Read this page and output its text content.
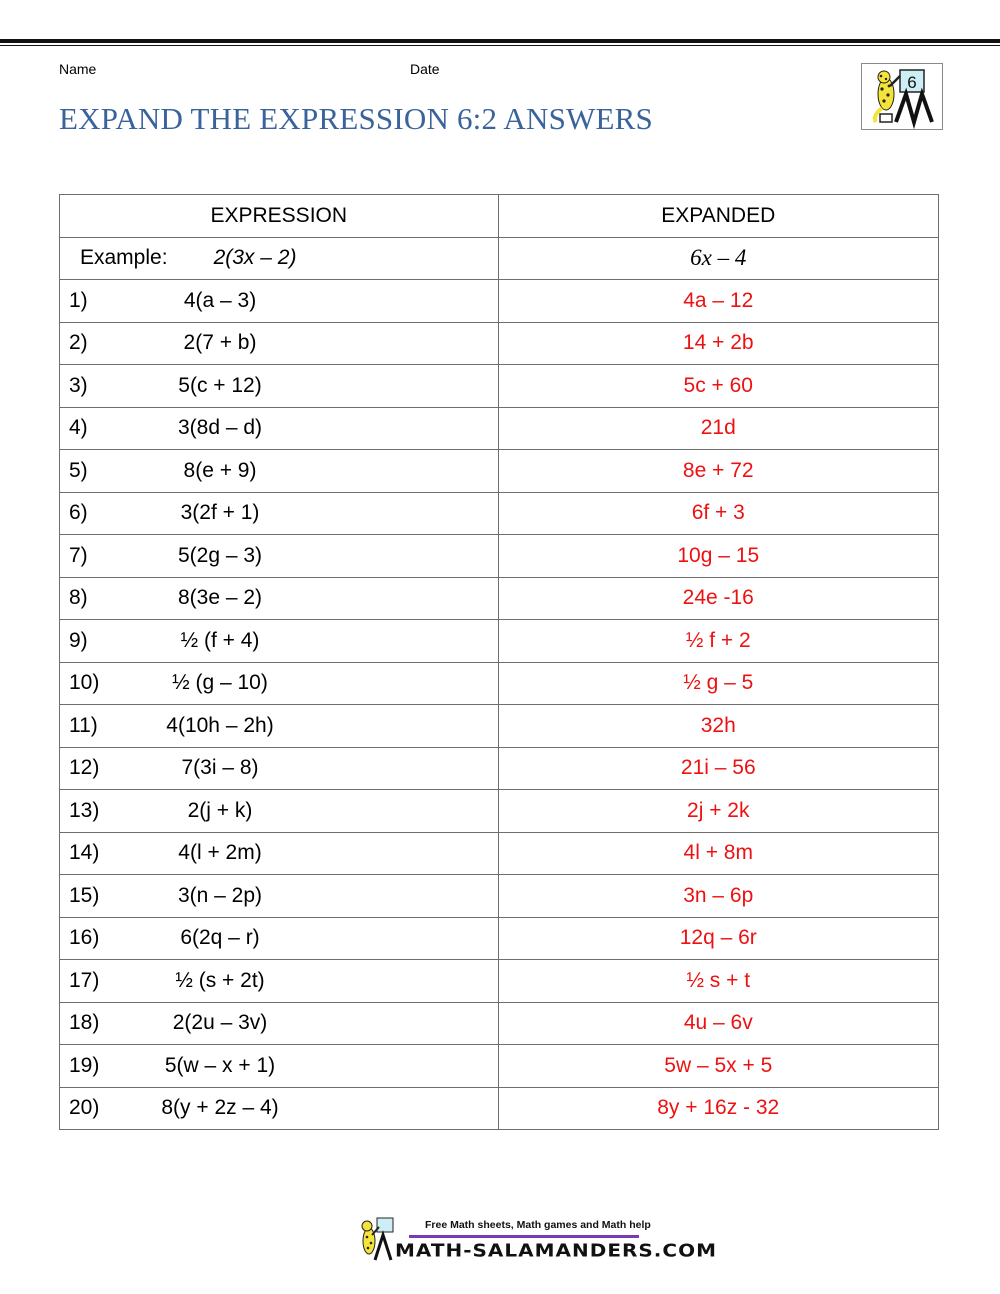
Name	Date
EXPAND THE EXPRESSION 6:2 ANSWERS
6
EXPRESSION	EXPANDED

Example: 2(3x – 2)	6x – 4

1) 4(a – 3)	4a – 12

2) 2(7 + b)	14 + 2b

3) 5(c + 12)	5c + 60

4) 3(8d – d)	21d

5) 8(e + 9)	8e + 72

6) 3(2f + 1)	6f + 3

7) 5(2g – 3)	10g – 15

8) 8(3e – 2)	24e -16

9) ½ (f + 4)	½ f + 2

10) ½ (g – 10)	½ g – 5

11) 4(10h – 2h)	32h

12) 7(3i – 8)	21i – 56

13) 2(j + k)	2j + 2k

14) 4(l + 2m)	4l + 8m

15) 3(n – 2p)	3n – 6p

16) 6(2q – r)	12q – 6r

17) ½ (s + 2t)	½ s + t

18) 2(2u – 3v)	4u – 6v

19) 5(w – x + 1)	5w – 5x + 5

20) 8(y + 2z – 4)	8y + 16z - 32
Free Math sheets, Math games and Math help
MATH-SALAMANDERS.COM
